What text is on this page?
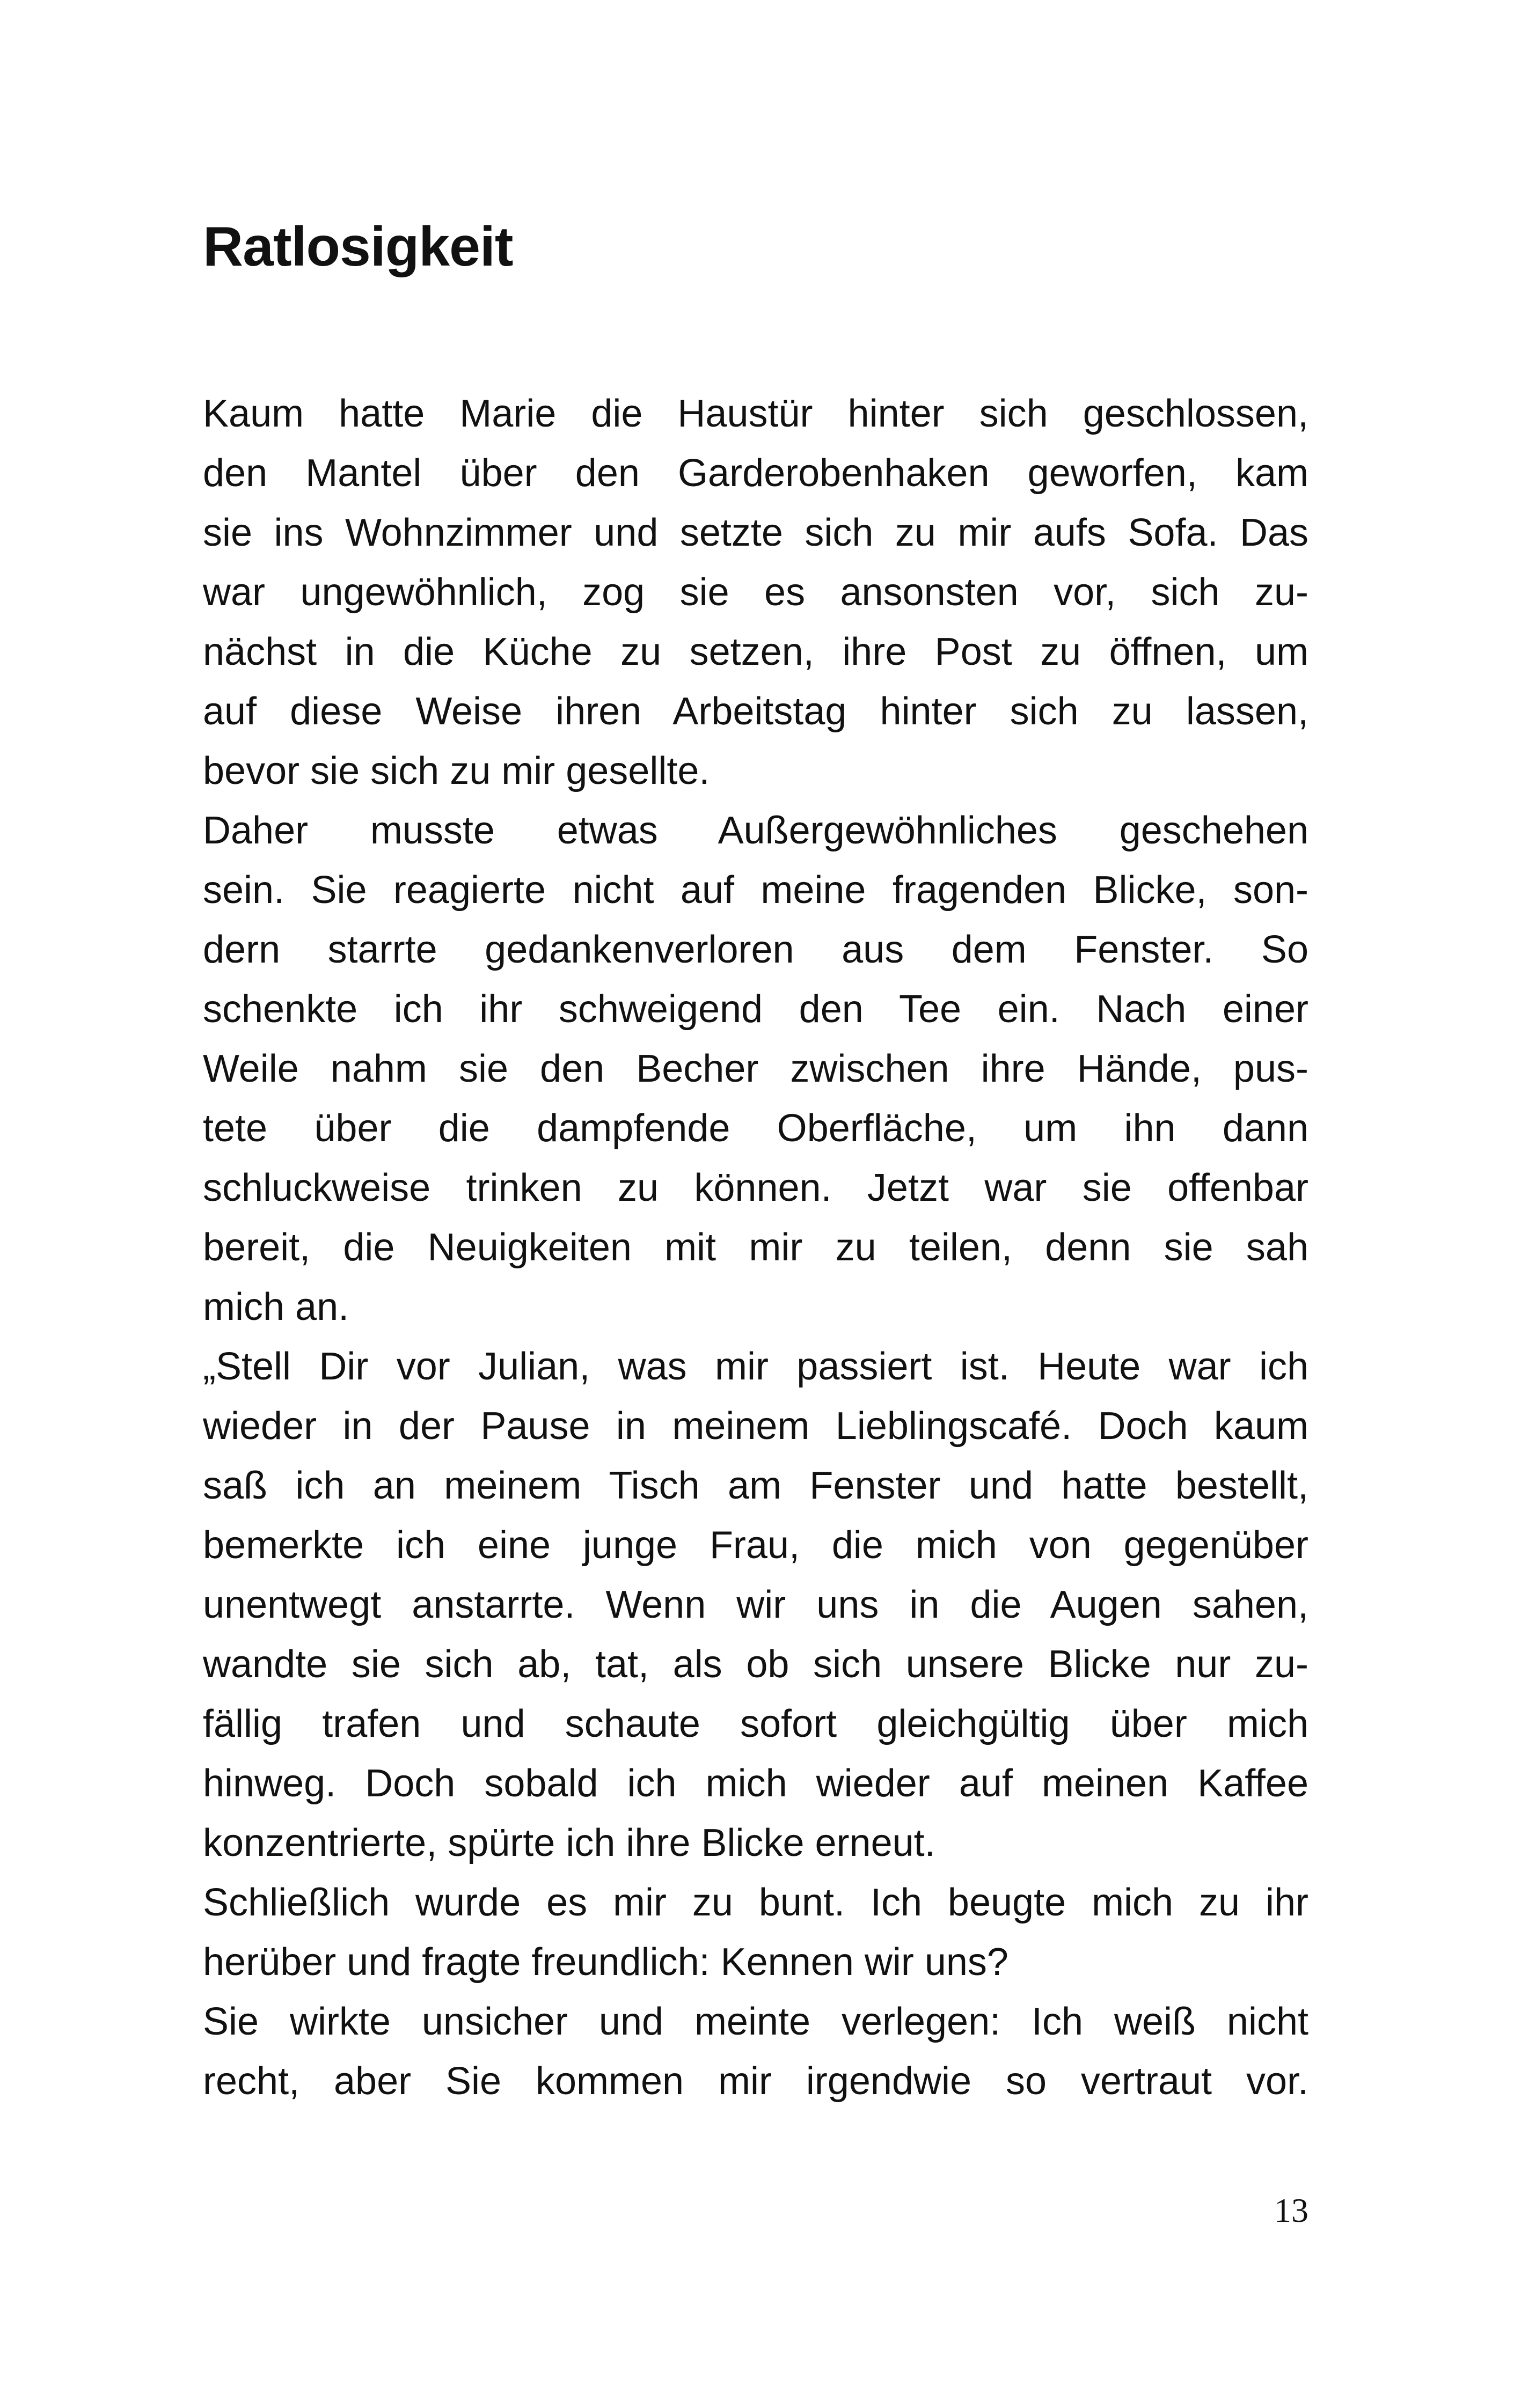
Ratlosigkeit
Kaum hatte Marie die Haustür hinter sich geschlossen,
den Mantel über den Garderobenhaken geworfen, kam
sie ins Wohnzimmer und setzte sich zu mir aufs Sofa. Das
war ungewöhnlich, zog sie es ansonsten vor, sich zu-
nächst in die Küche zu setzen, ihre Post zu öffnen, um
auf diese Weise ihren Arbeitstag hinter sich zu lassen,
bevor sie sich zu mir gesellte.
Daher musste etwas Außergewöhnliches geschehen
sein. Sie reagierte nicht auf meine fragenden Blicke, son-
dern starrte gedankenverloren aus dem Fenster. So
schenkte ich ihr schweigend den Tee ein. Nach einer
Weile nahm sie den Becher zwischen ihre Hände, pus-
tete über die dampfende Oberfläche, um ihn dann
schluckweise trinken zu können. Jetzt war sie offenbar
bereit, die Neuigkeiten mit mir zu teilen, denn sie sah
mich an.
„Stell Dir vor Julian, was mir passiert ist. Heute war ich
wieder in der Pause in meinem Lieblingscafé. Doch kaum
saß ich an meinem Tisch am Fenster und hatte bestellt,
bemerkte ich eine junge Frau, die mich von gegenüber
unentwegt anstarrte. Wenn wir uns in die Augen sahen,
wandte sie sich ab, tat, als ob sich unsere Blicke nur zu-
fällig trafen und schaute sofort gleichgültig über mich
hinweg. Doch sobald ich mich wieder auf meinen Kaffee
konzentrierte, spürte ich ihre Blicke erneut.
Schließlich wurde es mir zu bunt. Ich beugte mich zu ihr
herüber und fragte freundlich: Kennen wir uns?
Sie wirkte unsicher und meinte verlegen: Ich weiß nicht
recht, aber Sie kommen mir irgendwie so vertraut vor.
13
